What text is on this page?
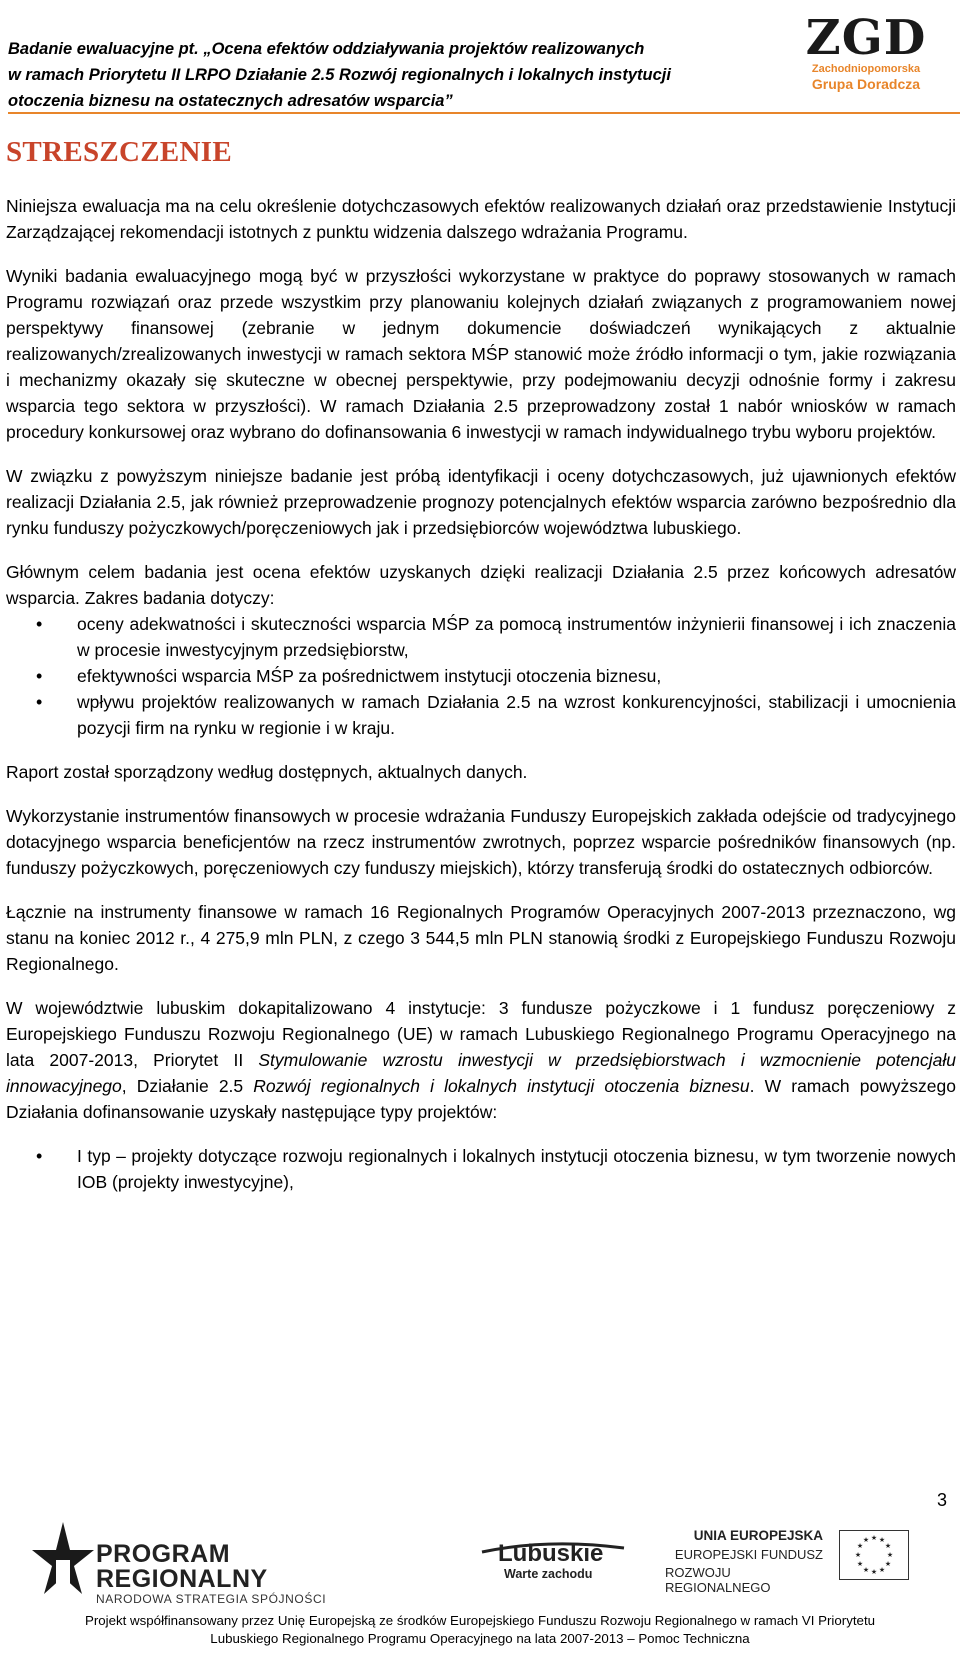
Badanie ewaluacyjne pt. „Ocena efektów oddziaływania projektów realizowanych
w ramach Priorytetu II LRPO Działanie 2.5 Rozwój regionalnych i lokalnych instytucji
otoczenia biznesu na ostatecznych adresatów wsparcia”
ZGD
Zachodniopomorska
Grupa Doradcza
STRESZCZENIE

Niniejsza ewaluacja ma na celu określenie dotychczasowych efektów realizowanych działań oraz przedstawienie Instytucji Zarządzającej rekomendacji istotnych z punktu widzenia dalszego wdrażania Programu.

Wyniki badania ewaluacyjnego mogą być w przyszłości wykorzystane w praktyce do poprawy stosowanych w ramach Programu rozwiązań oraz przede wszystkim przy planowaniu kolejnych działań związanych z programowaniem nowej perspektywy finansowej (zebranie w jednym dokumencie doświadczeń wynikających z aktualnie realizowanych/zrealizowanych inwestycji w ramach sektora MŚP stanowić może źródło informacji o tym, jakie rozwiązania i mechanizmy okazały się skuteczne w obecnej perspektywie, przy podejmowaniu decyzji odnośnie formy i zakresu wsparcia tego sektora w przyszłości). W ramach Działania 2.5 przeprowadzony został 1 nabór wniosków w ramach procedury konkursowej oraz wybrano do dofinansowania 6 inwestycji w ramach indywidualnego trybu wyboru projektów.

W związku z powyższym niniejsze badanie jest próbą identyfikacji i oceny dotychczasowych, już ujawnionych efektów realizacji Działania 2.5, jak również przeprowadzenie prognozy potencjalnych efektów wsparcia zarówno bezpośrednio dla rynku funduszy pożyczkowych/poręczeniowych jak i przedsiębiorców województwa lubuskiego.

Głównym celem badania jest ocena efektów uzyskanych dzięki realizacji Działania 2.5 przez końcowych adresatów wsparcia. Zakres badania dotyczy:

• oceny adekwatności i skuteczności wsparcia MŚP za pomocą instrumentów inżynierii finansowej i ich znaczenia w procesie inwestycyjnym przedsiębiorstw,
• efektywności wsparcia MŚP za pośrednictwem instytucji otoczenia biznesu,
• wpływu projektów realizowanych w ramach Działania 2.5 na wzrost konkurencyjności, stabilizacji i umocnienia pozycji firm na rynku w regionie i w kraju.

Raport został sporządzony według dostępnych, aktualnych danych.

Wykorzystanie instrumentów finansowych w procesie wdrażania Funduszy Europejskich zakłada odejście od tradycyjnego dotacyjnego wsparcia beneficjentów na rzecz instrumentów zwrotnych, poprzez wsparcie pośredników finansowych (np. funduszy pożyczkowych, poręczeniowych czy funduszy miejskich), którzy transferują środki do ostatecznych odbiorców.

Łącznie na instrumenty finansowe w ramach 16 Regionalnych Programów Operacyjnych 2007-2013 przeznaczono, wg stanu na koniec 2012 r., 4 275,9 mln PLN, z czego 3 544,5 mln PLN stanowią środki z Europejskiego Funduszu Rozwoju Regionalnego.

W województwie lubuskim dokapitalizowano 4 instytucje: 3 fundusze pożyczkowe i 1 fundusz poręczeniowy z Europejskiego Funduszu Rozwoju Regionalnego (UE) w ramach Lubuskiego Regionalnego Programu Operacyjnego na lata 2007-2013, Priorytet II Stymulowanie wzrostu inwestycji w przedsiębiorstwach i wzmocnienie potencjału innowacyjnego, Działanie 2.5 Rozwój regionalnych i lokalnych instytucji otoczenia biznesu. W ramach powyższego Działania dofinansowanie uzyskały następujące typy projektów:

• I typ – projekty dotyczące rozwoju regionalnych i lokalnych instytucji otoczenia biznesu, w tym tworzenie nowych IOB (projekty inwestycyjne),
3
PROGRAM
REGIONALNY
NARODOWA STRATEGIA SPÓJNOŚCI
Lubuskie
Warte zachodu
UNIA EUROPEJSKA
EUROPEJSKI FUNDUSZ
ROZWOJU REGIONALNEGO
★ ★
★
★
★
★
★
★
★
★
★
★
Projekt współfinansowany przez Unię Europejską ze środków Europejskiego Funduszu Rozwoju Regionalnego w ramach VI Priorytetu
Lubuskiego Regionalnego Programu Operacyjnego na lata 2007-2013 – Pomoc Techniczna
